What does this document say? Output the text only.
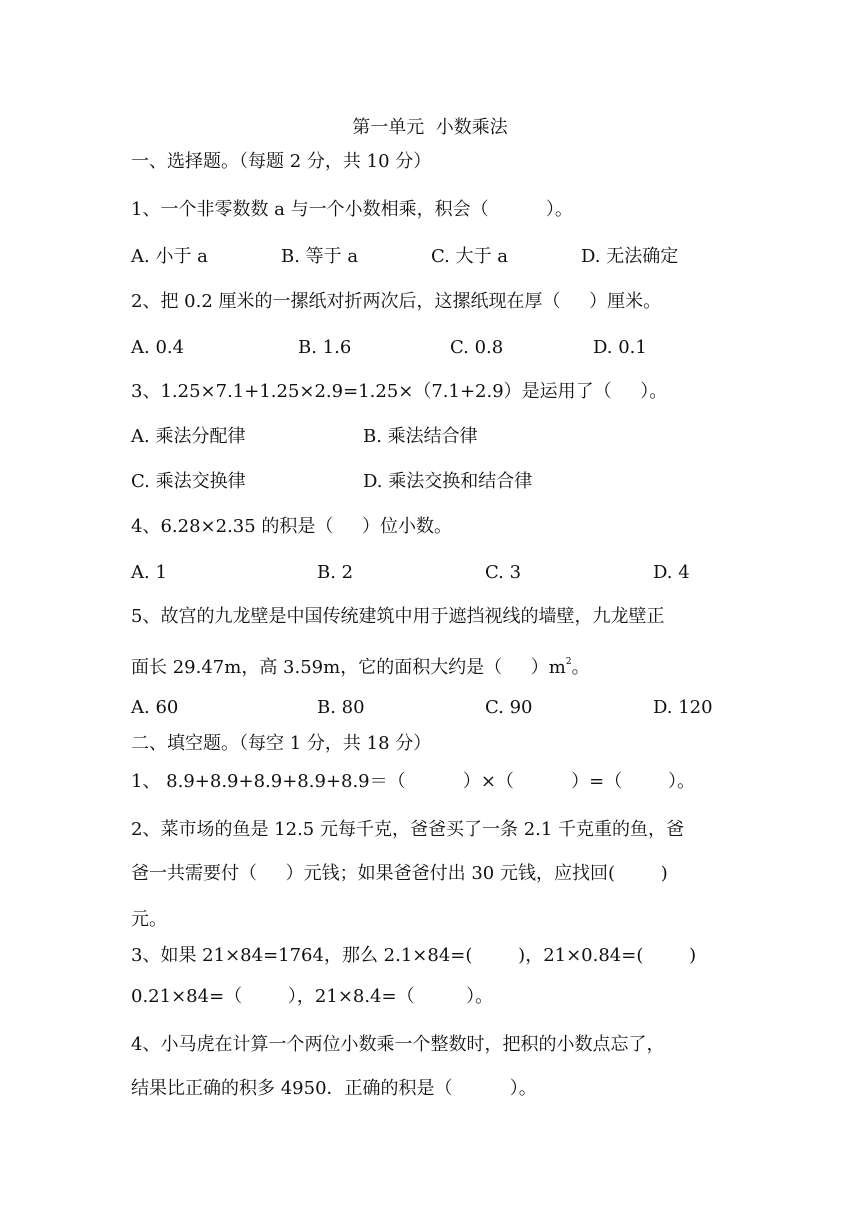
第一单元  小数乘法
一、选择题。（每题 2 分，共 10 分）
1、一个非零数数 a 与一个小数相乘，积会（          ）。
A. 小于 a	B. 等于 a	C. 大于 a	D. 无法确定
2、把 0.2 厘米的一摞纸对折两次后，这摞纸现在厚（     ）厘米。
A. 0.4	B. 1.6	C. 0.8	D. 0.1
3、1.25×7.1+1.25×2.9=1.25×（7.1+2.9）是运用了（     ）。
A. 乘法分配律	B. 乘法结合律
C. 乘法交换律	D. 乘法交换和结合律
4、6.28×2.35 的积是（     ）位小数。
A. 1	B. 2	C. 3	D. 4
5、故宫的九龙壁是中国传统建筑中用于遮挡视线的墙壁，九龙壁正
面长 29.47m，高 3.59m，它的面积大约是（     ）$m^2$。
A. 60	B. 80	C. 90	D. 120
二、填空题。（每空 1 分，共 18 分）
1、 8.9+8.9+8.9+8.9+8.9＝（          ）×（          ）=（        ）。
2、菜市场的鱼是 12.5 元每千克，爸爸买了一条 2.1 千克重的鱼，爸
爸一共需要付（     ）元钱；如果爸爸付出 30 元钱，应找回(        )
元。
3、如果 21×84=1764，那么 2.1×84=(        )，21×0.84=(        )
0.21×84=（        ），21×8.4=（         ）。
4、小马虎在计算一个两位小数乘一个整数时，把积的小数点忘了，
结果比正确的积多 4950．正确的积是（          ）。
